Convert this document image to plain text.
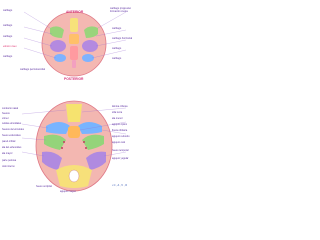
ANTERIOR
POSTERIOR
cartílago
cartílago
cartílago
esbozo óseo
cartílago
cartílago progresivo
formación cresta
cartílago
cartílago horizontal
cartílago
cartílago
cartílago perinotocordal
conducto nasal
huesos
vómer
celdas etmoidales
huesos del etmoides
hueso esfenoides
pared orbital
ala del esfenoides
ala mayor
parte petrosa
oído interno
lámina cribosa
silla turca
ala menor
agujero óptico
fisura orbitaria
agujero redondo
agujero oval
hueso temporal
agujero yugular
hueso occipital
agujero magno
• C , A , V , O
